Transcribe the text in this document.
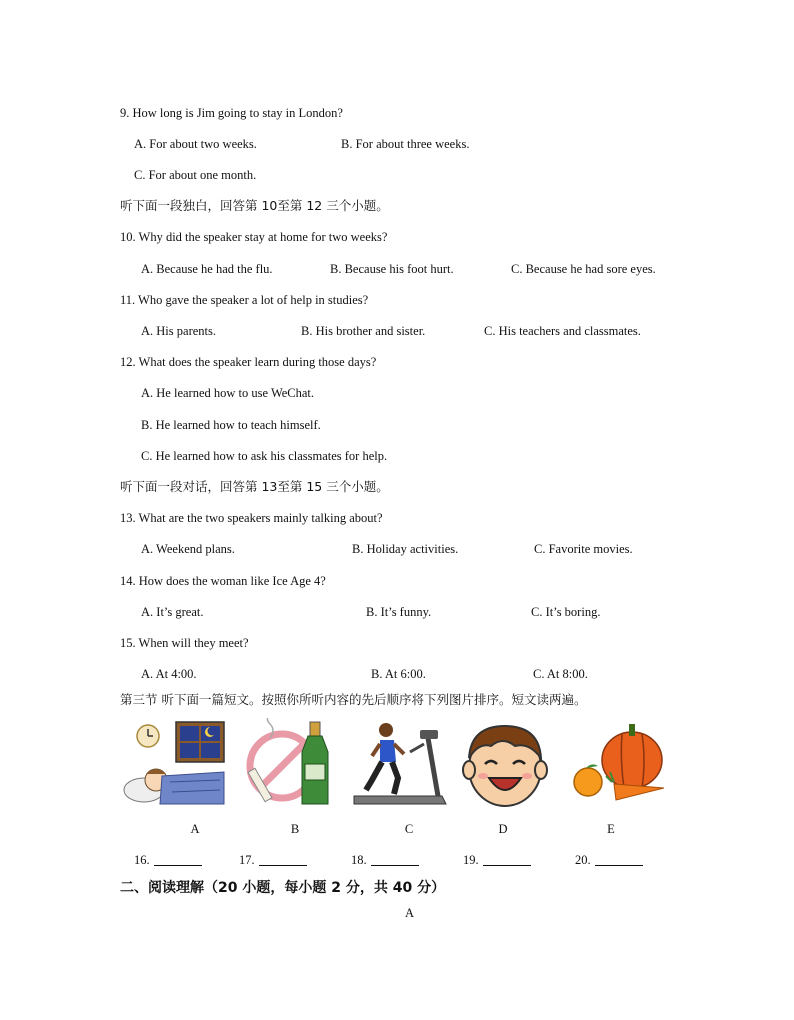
9. How long is Jim going to stay in London?
A. For about two weeks.	B. For about three weeks.
C. For about one month.
听下面一段独白，回答第 10至第 12 三个小题。
10. Why did the speaker stay at home for two weeks?
A. Because he had the flu.	B. Because his foot hurt.	C. Because he had sore eyes.
11. Who gave the speaker a lot of help in studies?
A. His parents.	B. His brother and sister.	C. His teachers and classmates.
12. What does the speaker learn during those days?
A. He learned how to use WeChat.
B. He learned how to teach himself.
C. He learned how to ask his classmates for help.
听下面一段对话，回答第 13至第 15 三个小题。
13. What are the two speakers mainly talking about?
A. Weekend plans.	B. Holiday activities.	C. Favorite movies.
14. How does the woman like Ice Age 4?
A. It’s great.	B. It’s funny.	C. It’s boring.
15. When will they meet?
A. At 4:00.	B. At 6:00.	C. At 8:00.
第三节 听下面一篇短文。按照你所听内容的先后顺序将下列图片排序。短文读两遍。
A	B	C	D	E
16.	17.	18.	19.	20.
二、阅读理解（20 小题，每小题 2 分，共 40 分）
A
